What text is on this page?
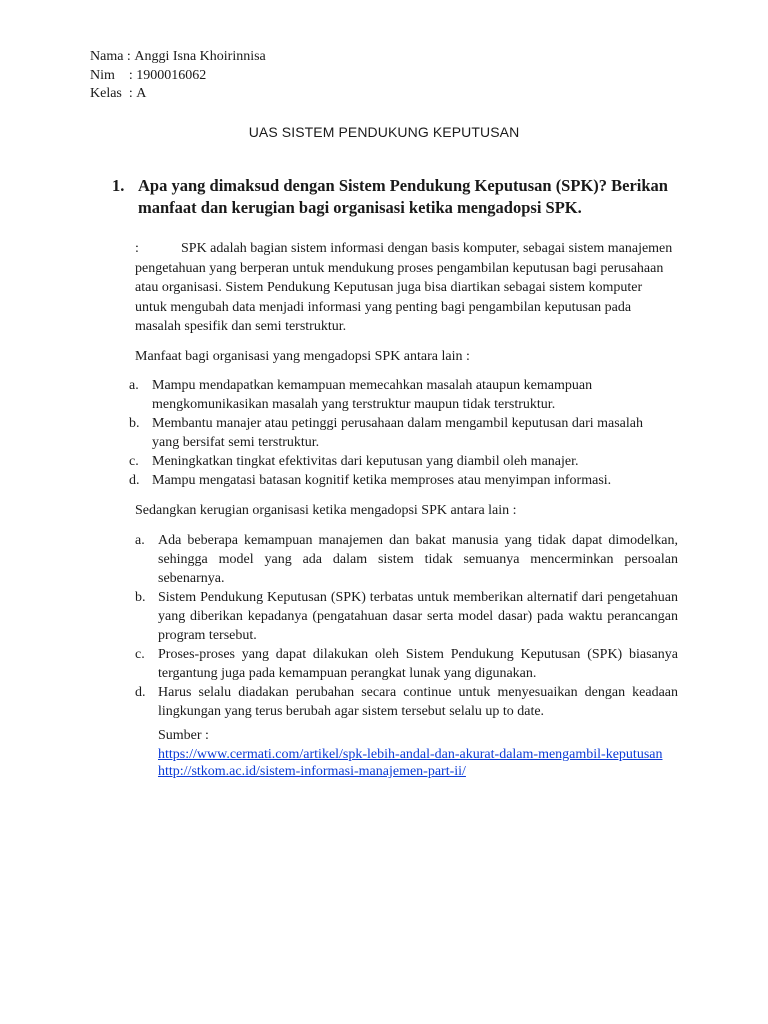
Nama : Anggi Isna Khoirinnisa
Nim    : 1900016062
Kelas  : A
UAS SISTEM PENDUKUNG KEPUTUSAN
1. Apa yang dimaksud dengan Sistem Pendukung Keputusan (SPK)? Berikan manfaat dan kerugian bagi organisasi ketika mengadopsi SPK.
:	SPK adalah bagian sistem informasi dengan basis komputer, sebagai sistem manajemen pengetahuan yang berperan untuk mendukung proses pengambilan keputusan bagi perusahaan atau organisasi. Sistem Pendukung Keputusan juga bisa diartikan sebagai sistem komputer untuk mengubah data menjadi informasi yang penting bagi pengambilan keputusan pada masalah spesifik dan semi terstruktur.
Manfaat bagi organisasi yang mengadopsi SPK antara lain :
a. Mampu mendapatkan kemampuan memecahkan masalah ataupun kemampuan mengkomunikasikan masalah yang terstruktur maupun tidak terstruktur.
b. Membantu manajer atau petinggi perusahaan dalam mengambil keputusan dari masalah yang bersifat semi terstruktur.
c. Meningkatkan tingkat efektivitas dari keputusan yang diambil oleh manajer.
d. Mampu mengatasi batasan kognitif ketika memproses atau menyimpan informasi.
Sedangkan kerugian organisasi ketika mengadopsi SPK antara lain :
a. Ada beberapa kemampuan manajemen dan bakat manusia yang tidak dapat dimodelkan, sehingga model yang ada dalam sistem tidak semuanya mencerminkan persoalan sebenarnya.
b. Sistem Pendukung Keputusan (SPK) terbatas untuk memberikan alternatif dari pengetahuan yang diberikan kepadanya (pengatahuan dasar serta model dasar) pada waktu perancangan program tersebut.
c. Proses-proses yang dapat dilakukan oleh Sistem Pendukung Keputusan (SPK) biasanya tergantung juga pada kemampuan perangkat lunak yang digunakan.
d. Harus selalu diadakan perubahan secara continue untuk menyesuaikan dengan keadaan lingkungan yang terus berubah agar sistem tersebut selalu up to date.
Sumber :
https://www.cermati.com/artikel/spk-lebih-andal-dan-akurat-dalam-mengambil-keputusan
http://stkom.ac.id/sistem-informasi-manajemen-part-ii/
